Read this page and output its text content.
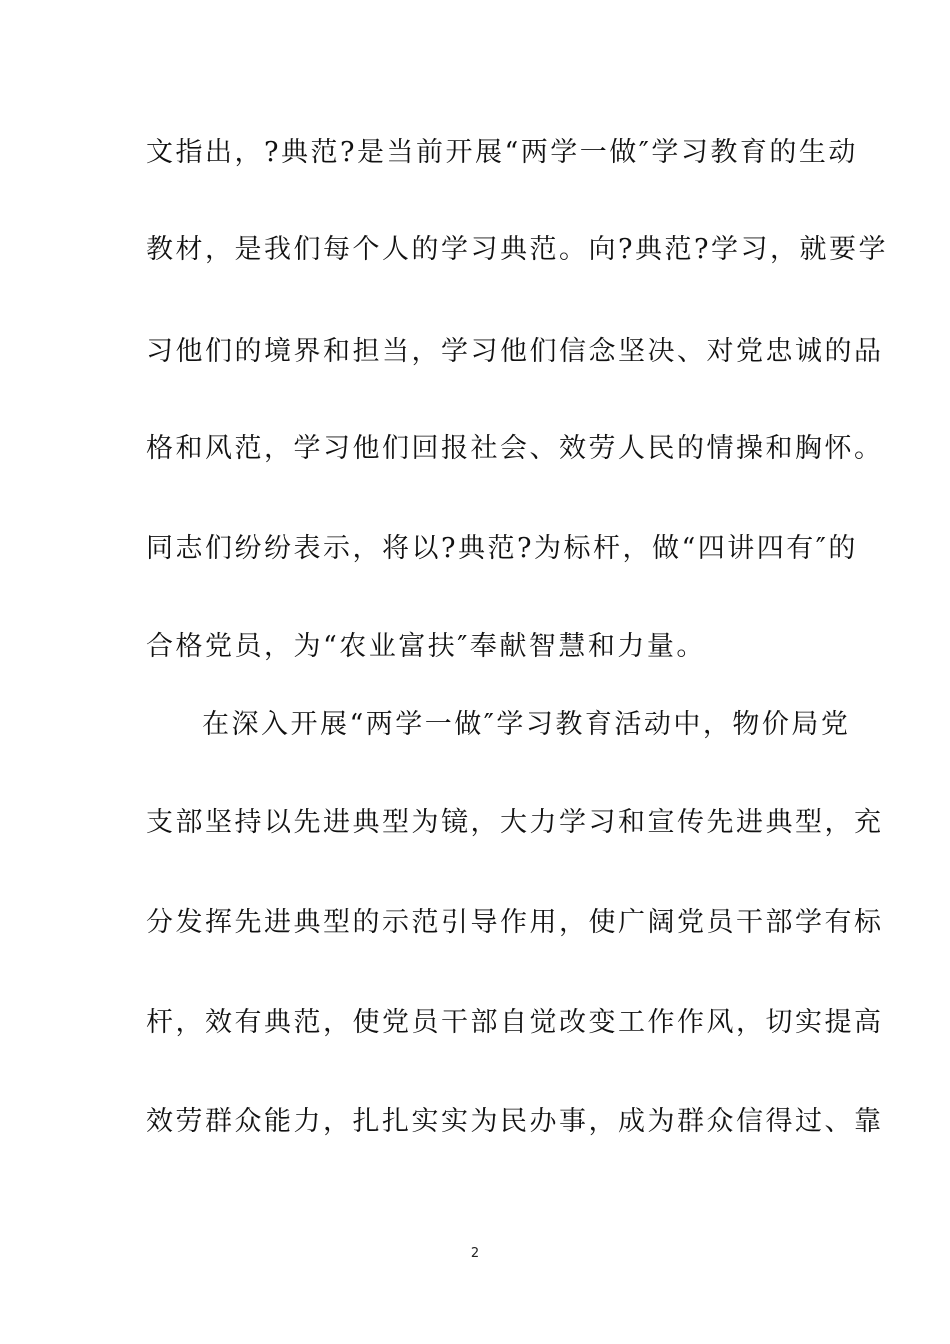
文指出，?典范?是当前开展“两学一做″学习教育的生动
教材，是我们每个人的学习典范。向?典范?学习，就要学
习他们的境界和担当，学习他们信念坚决、对党忠诚的品
格和风范，学习他们回报社会、效劳人民的情操和胸怀。
同志们纷纷表示，将以?典范?为标杆，做“四讲四有″的
合格党员，为“农业富扶″奉献智慧和力量。
在深入开展“两学一做″学习教育活动中，物价局党
支部坚持以先进典型为镜，大力学习和宣传先进典型，充
分发挥先进典型的示范引导作用，使广阔党员干部学有标
杆，效有典范，使党员干部自觉改变工作作风，切实提高
效劳群众能力，扎扎实实为民办事，成为群众信得过、靠
2
